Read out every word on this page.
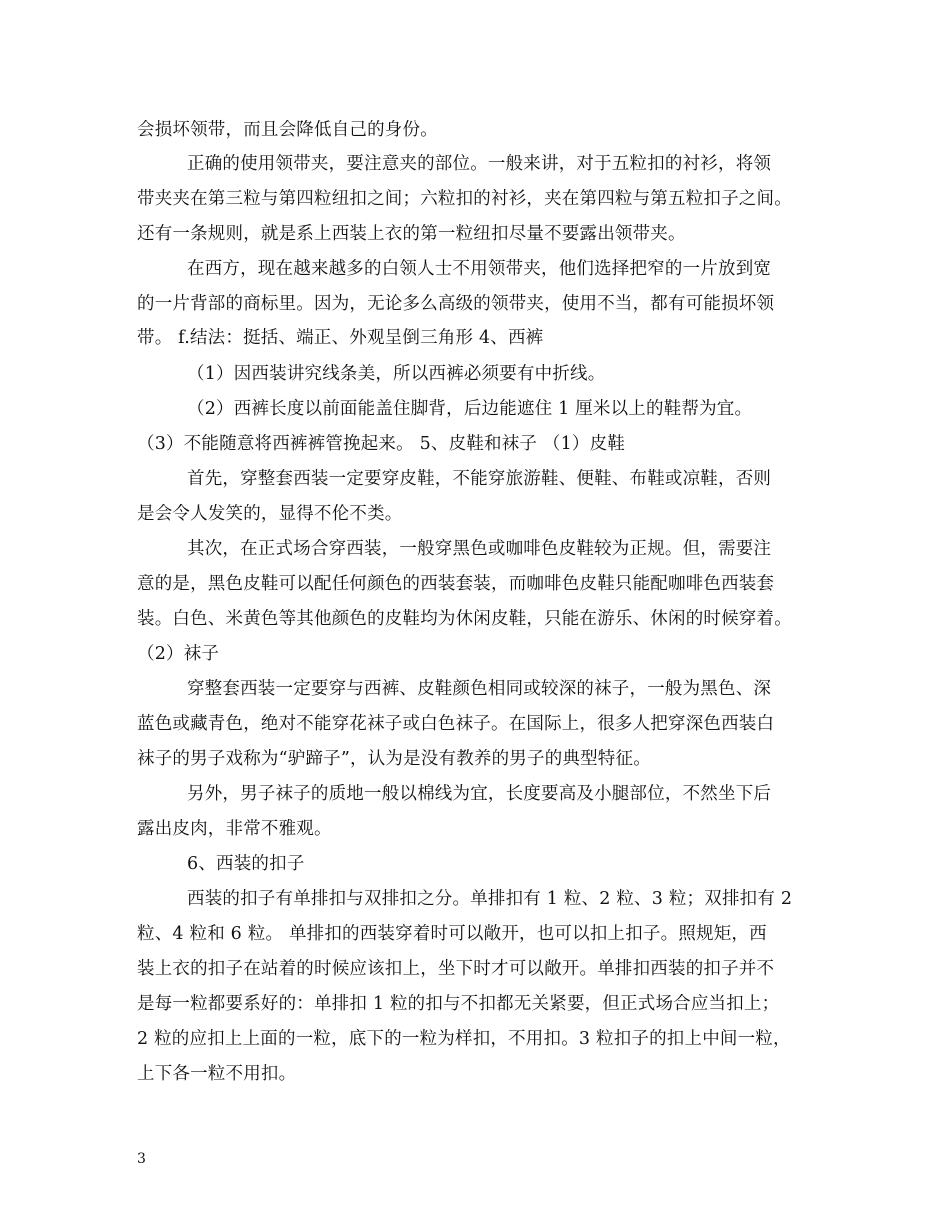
会损坏领带，而且会降低自己的身份。
正确的使用领带夹，要注意夹的部位。一般来讲，对于五粒扣的衬衫，将领
带夹夹在第三粒与第四粒纽扣之间；六粒扣的衬衫，夹在第四粒与第五粒扣子之间。
还有一条规则，就是系上西装上衣的第一粒纽扣尽量不要露出领带夹。
在西方，现在越来越多的白领人士不用领带夹，他们选择把窄的一片放到宽
的一片背部的商标里。因为，无论多么高级的领带夹，使用不当，都有可能损坏领
带。 f.结法：挺括、端正、外观呈倒三角形 4、西裤
（1）因西装讲究线条美，所以西裤必须要有中折线。
（2）西裤长度以前面能盖住脚背，后边能遮住 1 厘米以上的鞋帮为宜。
（3）不能随意将西裤裤管挽起来。 5、皮鞋和袜子 （1）皮鞋
首先，穿整套西装一定要穿皮鞋，不能穿旅游鞋、便鞋、布鞋或凉鞋，否则
是会令人发笑的，显得不伦不类。
其次，在正式场合穿西装，一般穿黑色或咖啡色皮鞋较为正规。但，需要注
意的是，黑色皮鞋可以配任何颜色的西装套装，而咖啡色皮鞋只能配咖啡色西装套
装。白色、米黄色等其他颜色的皮鞋均为休闲皮鞋，只能在游乐、休闲的时候穿着。
（2）袜子
穿整套西装一定要穿与西裤、皮鞋颜色相同或较深的袜子，一般为黑色、深
蓝色或藏青色，绝对不能穿花袜子或白色袜子。在国际上，很多人把穿深色西装白
袜子的男子戏称为“驴蹄子”，认为是没有教养的男子的典型特征。
另外，男子袜子的质地一般以棉线为宜，长度要高及小腿部位，不然坐下后
露出皮肉，非常不雅观。
6、西装的扣子
西装的扣子有单排扣与双排扣之分。单排扣有 1 粒、2 粒、3 粒；双排扣有 2
粒、4 粒和 6 粒。 单排扣的西装穿着时可以敞开，也可以扣上扣子。照规矩，西
装上衣的扣子在站着的时候应该扣上，坐下时才可以敞开。单排扣西装的扣子并不
是每一粒都要系好的：单排扣 1 粒的扣与不扣都无关紧要，但正式场合应当扣上；
2 粒的应扣上上面的一粒，底下的一粒为样扣，不用扣。3 粒扣子的扣上中间一粒，
上下各一粒不用扣。
3
